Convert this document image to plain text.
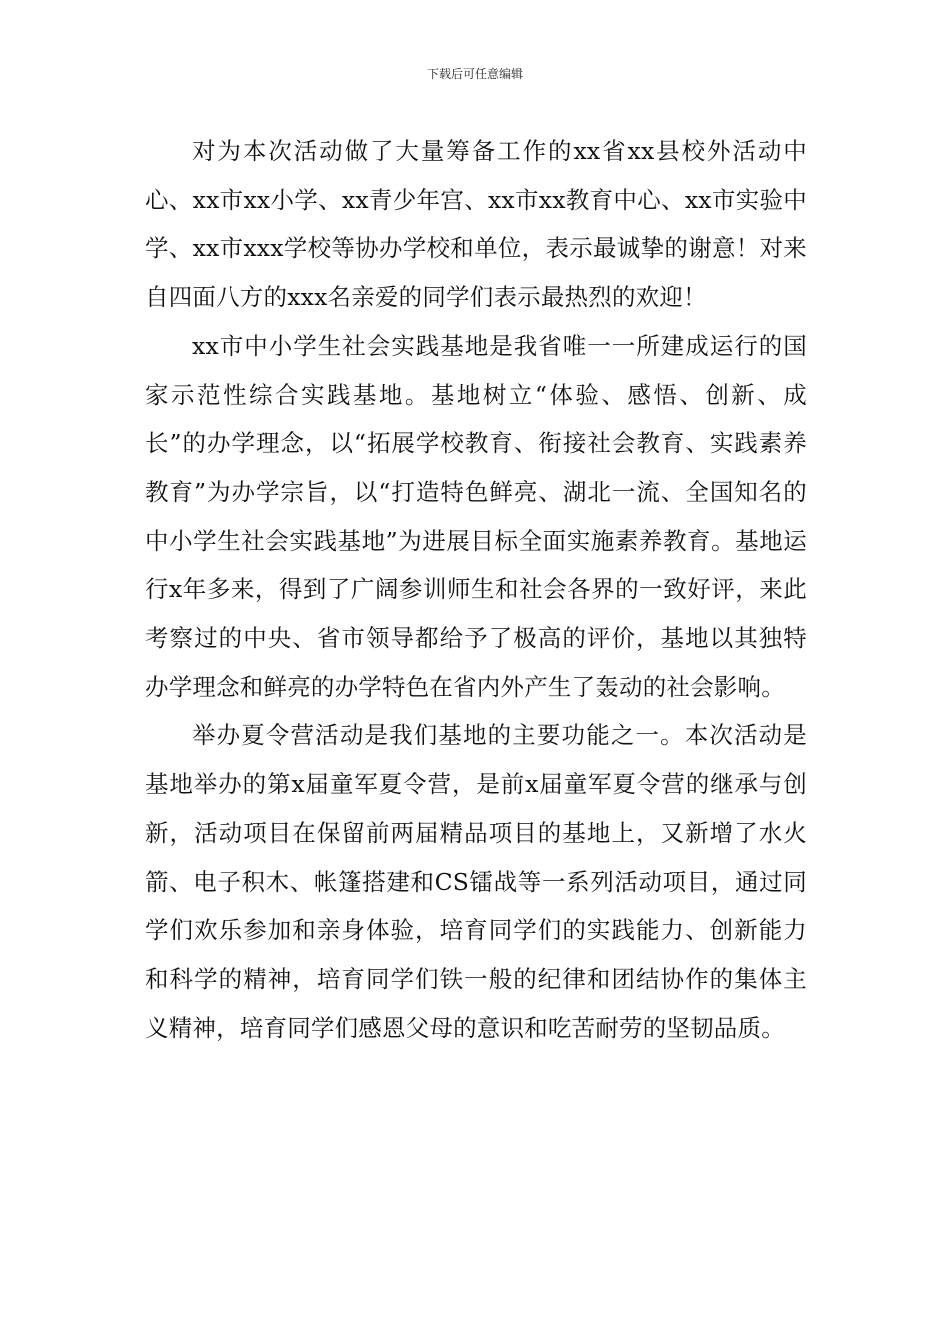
下载后可任意编辑

对为本次活动做了大量筹备工作的xx省xx县校外活动中心、xx市xx小学、xx青少年宫、xx市xx教育中心、xx市实验中学、xx市xxx学校等协办学校和单位，表示最诚挚的谢意！对来自四面八方的xxx名亲爱的同学们表示最热烈的欢迎！

xx市中小学生社会实践基地是我省唯一一所建成运行的国家示范性综合实践基地。基地树立“体验、感悟、创新、成长”的办学理念，以“拓展学校教育、衔接社会教育、实践素养教育”为办学宗旨，以“打造特色鲜亮、湖北一流、全国知名的中小学生社会实践基地”为进展目标全面实施素养教育。基地运行x年多来，得到了广阔参训师生和社会各界的一致好评，来此考察过的中央、省市领导都给予了极高的评价，基地以其独特办学理念和鲜亮的办学特色在省内外产生了轰动的社会影响。

举办夏令营活动是我们基地的主要功能之一。本次活动是基地举办的第x届童军夏令营，是前x届童军夏令营的继承与创新，活动项目在保留前两届精品项目的基地上，又新增了水火箭、电子积木、帐篷搭建和CS镭战等一系列活动项目，通过同学们欢乐参加和亲身体验，培育同学们的实践能力、创新能力和科学的精神，培育同学们铁一般的纪律和团结协作的集体主义精神，培育同学们感恩父母的意识和吃苦耐劳的坚韧品质。
